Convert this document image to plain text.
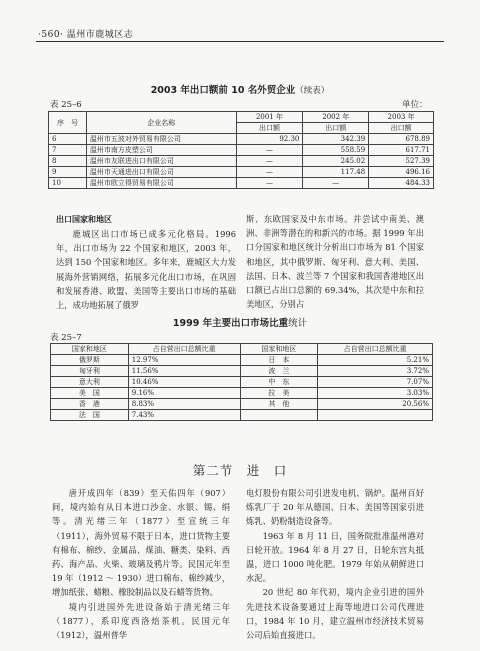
·560· 温州市鹿城区志
2003 年出口额前 10 名外贸企业（续表）
表 25–6	单位：
序　号	企业名称	2001 年	2002 年	2003 年
		出口额	出口额	出口额
6	温州市五波对外贸易有限公司	92.30	342.39	678.89
7	温州市南方皮塑公司	—	558.59	617.71
8	温州市友联进出口有限公司	—	245.02	527.39
9	温州市天通进出口有限公司	—	117.48	496.16
10	温州市欧立得贸易有限公司	—	—	484.33
出口国家和地区
鹿城区出口市场已成多元化格局。1996 年，出口市场为 22 个国家和地区，2003 年，达到 150 个国家和地区。多年来，鹿城区大力发展海外营销网络，拓展多元化出口市场，在巩固和发展香港、欧盟、美国等主要出口市场的基础上，成功地拓展了俄罗
斯、东欧国家及中东市场。并尝试中南美、澳洲、非洲等潜在的和新兴的市场。据 1999 年出口分国家和地区统计分析出口市场为 81 个国家和地区，其中俄罗斯、匈牙利、意大利、美国、法国、日本、波兰等 7 个国家和我国香港地区出口额已占出口总额的 69.34%，其次是中东和拉美地区，分别占
1999 年主要出口市场比重统计
表 25–7
国家和地区	占自营出口总额比重	国家和地区	占自营出口总额比重
俄罗斯	12.97%	日　本	5.21%
匈牙利	11.56%	波　兰	3.72%
意大利	10.46%	中　东	7.07%
美　国	9.16%	拉　美	3.03%
香　港	8.83%	其　他	20.56%
法　国	7.43%		
第二节　进　口
唐开成四年（839）至天佑四年（907）间，境内始有从日本进口沙金、水银、锡、绢等。清光绪三年（1877）至宣统三年（1911），海外贸易不限于日本，进口货物主要有棉布、棉纱、金属品、煤油、糖类、染料、西药、海产品、火柴、玻璃及鸦片等。民国元年至 19 年（1912 ～ 1930）进口棉布、棉纱减少，增加纸张、蜡粮、橡胶制品以及石蜡等货物。
境内引进国外先进设备始于清光绪三年（1877），系印度西洛焙茶机。民国元年（1912），温州普华
电灯股份有限公司引进发电机、锅炉。温州百好炼乳厂于 20 年从德国、日本、美国等国家引进炼乳、奶粉制造设备等。
1963 年 8 月 11 日，国务院批准温州港对日轮开放。1964 年 8 月 27 日，日轮东宫丸抵温，进口 1000 吨化肥。1979 年始从朝鲜进口水泥。
20 世纪 80 年代初，境内企业引进的国外先进技术设备要通过上海等地进口公司代理进口，1984 年 10 月，建立温州市经济技术贸易公司后始直接进口。
